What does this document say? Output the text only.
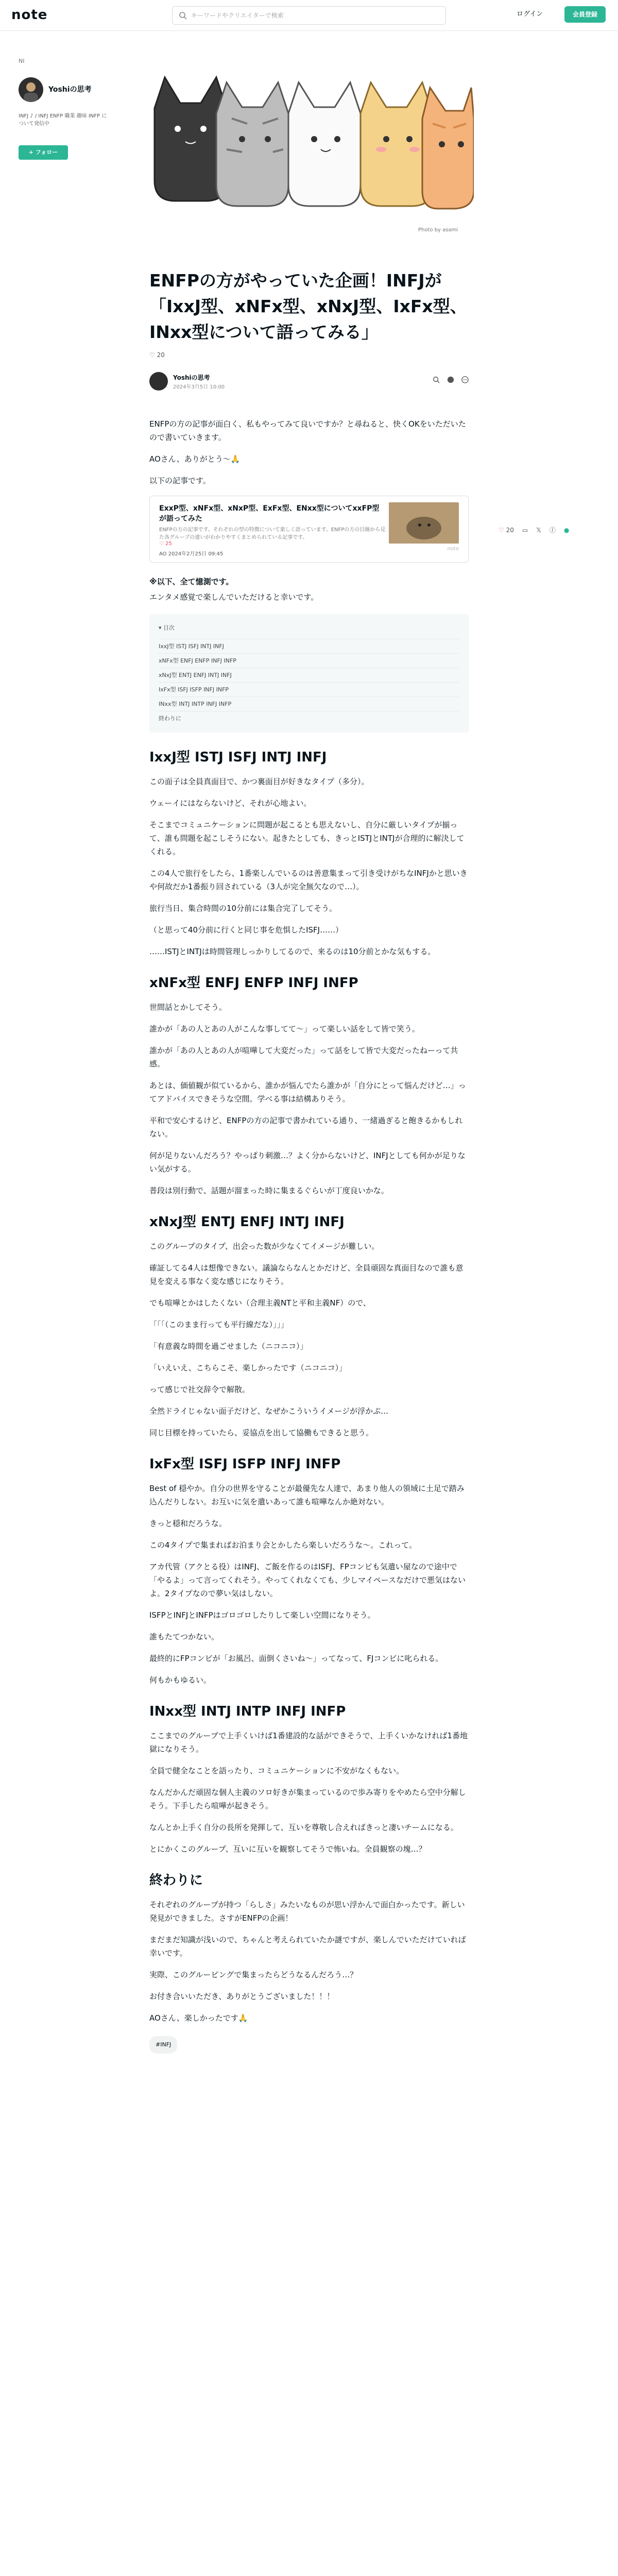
note
キーワードやクリエイターで検索	ログイン	会員登録
NI
Yoshiの思考
INFJ ♪ / INFJ ENFP 職業 趣味 INFP について発信中
+ フォロー
Photo by asami
ENFPの方がやっていた企画！INFJが「IxxJ型、xNFx型、xNxJ型、IxFx型、INxx型について語ってみる」
♡ 20
Yoshiの思考
2024年3月5日 10:00
♡ 20 ▭ 𝕏 ⓕ ●

ENFPの方の記事が面白く、私もやってみて良いですか？と尋ねると、快くOKをいただいたので書いていきます。

AOさん、ありがとう〜🙏

以下の記事です。

ExxP型、xNFx型、xNxP型、ExFx型、ENxx型についてxxFP型が語ってみた
ENFPの方の記事です。それぞれの型の特徴について楽しく語っています。ENFPの方の目線から見た各グループの違いがわかりやすくまとめられている記事です。
♡ 25
AO 2024年2月25日 09:45
note

※以下、全て憶測です。

エンタメ感覚で楽しんでいただけると幸いです。

▾ 目次
IxxJ型 ISTJ ISFJ INTJ INFJ
xNFx型 ENFJ ENFP INFJ INFP
xNxJ型 ENTJ ENFJ INTJ INFJ
IxFx型 ISFJ ISFP INFJ INFP
INxx型 INTJ INTP INFJ INFP
終わりに
IxxJ型 ISTJ ISFJ INTJ INFJ

この面子は全員真面目で、かつ裏面目が好きなタイプ（多分）。

ウェーイにはならないけど、それが心地よい。

そこまでコミュニケーションに問題が起こるとも思えないし、自分に厳しいタイプが揃って、誰も問題を起こしそうにない。起きたとしても、きっとISTJとINTJが合理的に解決してくれる。

この4人で旅行をしたら、1番楽しんでいるのは善意集まって引き受けがちなINFJかと思いきや何故だか1番振り回されている（3人が完全無欠なので…）。

旅行当日、集合時間の10分前には集合完了してそう。

（と思って40分前に行くと同じ事を危惧したISFJ……）

……ISTJとINTJは時間管理しっかりしてるので、来るのは10分前とかな気もする。

xNFx型 ENFJ ENFP INFJ INFP

世間話とかしてそう。

誰かが「あの人とあの人がこんな事してて〜」って楽しい話をして皆で笑う。

誰かが「あの人とあの人が喧嘩して大変だった」って話をして皆で大変だったねーって共感。

あとは、価値観が似ているから、誰かが悩んでたら誰かが「自分にとって悩んだけど…」ってアドバイスできそうな空間。学べる事は結構ありそう。

平和で安心するけど、ENFPの方の記事で書かれている通り、一緒過ぎると飽きるかもしれない。

何が足りないんだろう？やっぱり刺激…？よく分からないけど、INFJとしても何かが足りない気がする。

普段は別行動で、話題が溜まった時に集まるぐらいが丁度良いかな。

xNxJ型 ENTJ ENFJ INTJ INFJ

このグループのタイプ、出会った数が少なくてイメージが難しい。

確証してる4人は想像できない。議論ならなんとかだけど、全員頑固な真面目なので誰も意見を変える事なく変な感じになりそう。

でも喧嘩とかはしたくない（合理主義NTと平和主義NF）ので、

「「「（このまま行っても平行線だな）」」」

「有意義な時間を過ごせました（ニコニコ）」

「いえいえ、こちらこそ、楽しかったです（ニコニコ）」

って感じで社交辞令で解散。

全然ドライじゃない面子だけど、なぜかこういうイメージが浮かぶ…

同じ目標を持っていたら、妥協点を出して協働もできると思う。

IxFx型 ISFJ ISFP INFJ INFP

Best of 穏やか。自分の世界を守ることが最優先な人達で、あまり他人の領域に土足で踏み込んだりしない。お互いに気を遣いあって誰も喧嘩なんか絶対ない。

きっと穏和だろうな。

この4タイプで集まればお泊まり会とかしたら楽しいだろうな〜。これって。

アカ代管（アクとる役）はINFJ、ご飯を作るのはISFJ、FPコンビも気遣い屋なので途中で「やるよ」って言ってくれそう。やってくれなくても、少しマイペースなだけで悪気はないよ。2タイプなので夢い気はしない。

ISFPとINFJとINFPはゴロゴロしたりして楽しい空間になりそう。

誰もたてつかない。

最終的にFPコンビが「お風呂、面倒くさいね〜」ってなって、FJコンビに叱られる。

何もかもゆるい。

INxx型 INTJ INTP INFJ INFP

ここまでのグループで上手くいけば1番建設的な話ができそうで、上手くいかなければ1番地獄になりそう。

全員で健全なことを語ったり、コミュニケーションに不安がなくもない。

なんだかんだ頑固な個人主義のソロ好きが集まっているので歩み寄りをやめたら空中分解しそう。下手したら喧嘩が起きそう。

なんとか上手く自分の長所を発揮して、互いを尊敬し合えればきっと凄いチームになる。

とにかくこのグループ、互いに互いを観察してそうで怖いね。全員観察の塊…？

終わりに

それぞれのグループが持つ「らしさ」みたいなものが思い浮かんで面白かったです。新しい発見ができました。さすがENFPの企画！

まだまだ知識が浅いので、ちゃんと考えられていたか謎ですが、楽しんでいただけていれば幸いです。

実際、このグルーピングで集まったらどうなるんだろう…？

お付き合いいただき、ありがとうございました！！！

AOさん、楽しかったです🙏

#INFJ
